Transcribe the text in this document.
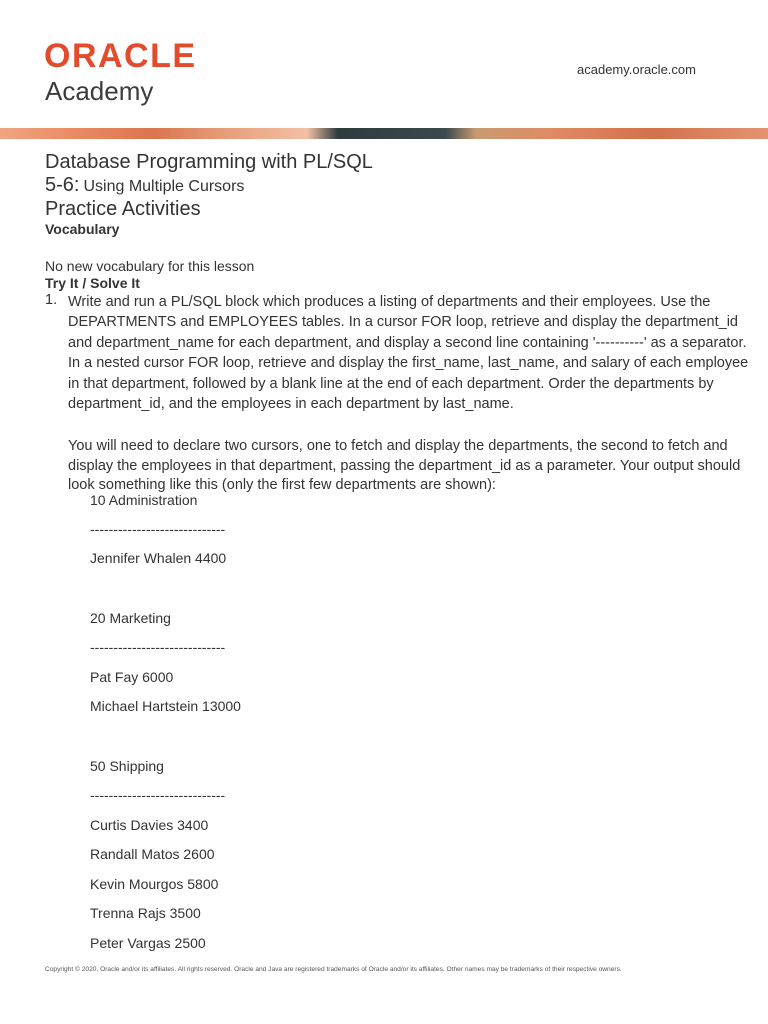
ORACLE
Academy
academy.oracle.com
Database Programming with PL/SQL
5-6: Using Multiple Cursors
Practice Activities
Vocabulary
No new vocabulary for this lesson
Try It / Solve It
1. Write and run a PL/SQL block which produces a listing of departments and their employees. Use the DEPARTMENTS and EMPLOYEES tables. In a cursor FOR loop, retrieve and display the department_id and department_name for each department, and display a second line containing '----------' as a separator. In a nested cursor FOR loop, retrieve and display the first_name, last_name, and salary of each employee in that department, followed by a blank line at the end of each department. Order the departments by department_id, and the employees in each department by last_name.

You will need to declare two cursors, one to fetch and display the departments, the second to fetch and display the employees in that department, passing the department_id as a parameter. Your output should look something like this (only the first few departments are shown):

10 Administration
-----------------------------
Jennifer Whalen 4400
20 Marketing
-----------------------------
Pat Fay 6000
Michael Hartstein 13000
50 Shipping
-----------------------------
Curtis Davies 3400
Randall Matos 2600
Kevin Mourgos 5800
Trenna Rajs 3500
Peter Vargas 2500
Copyright © 2020, Oracle and/or its affiliates. All rights reserved. Oracle and Java are registered trademarks of Oracle and/or its affiliates. Other names may be trademarks of their respective owners.
